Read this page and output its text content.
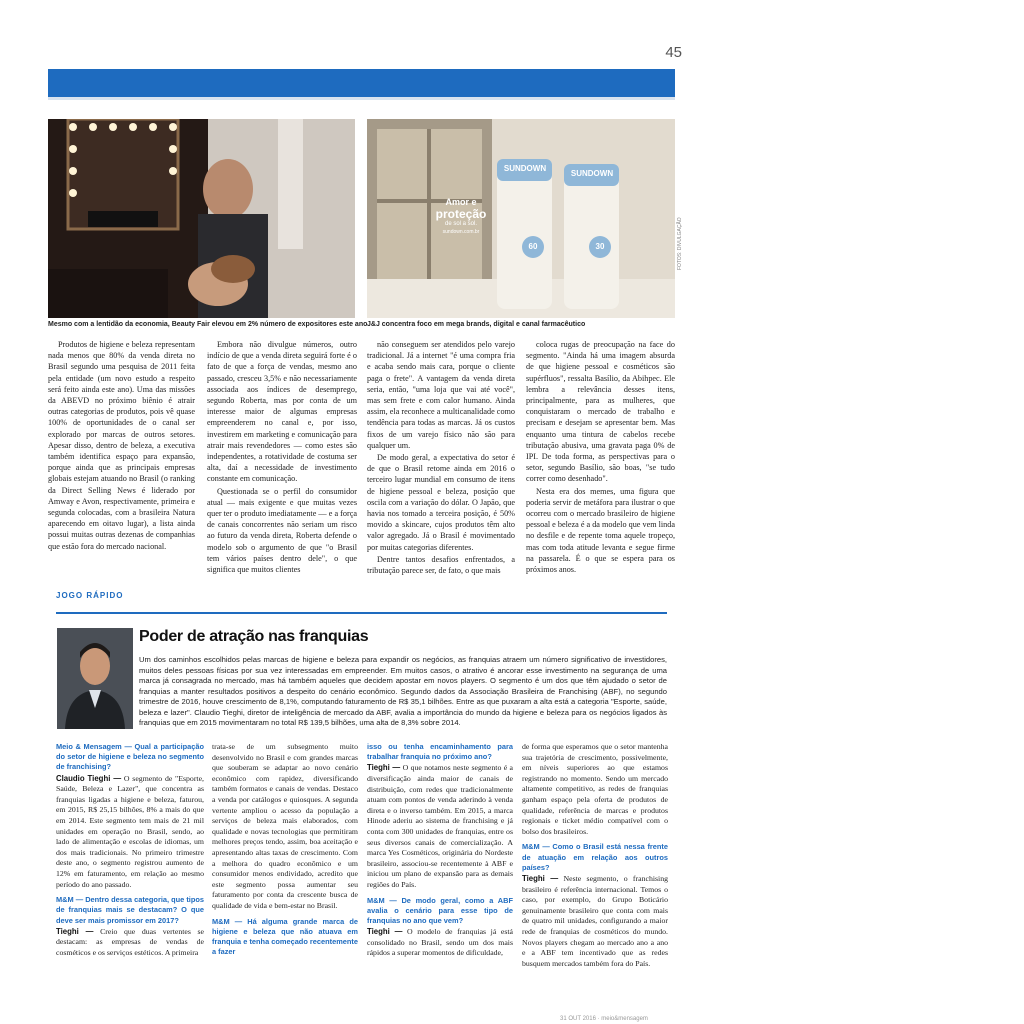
45
Amor e
proteção
de sol a sol.
sundown.com.br
SUNDOWN
SUNDOWN
60	30
Mesmo com a lentidão da economia, Beauty Fair elevou em 2% número de expositores este ano J&J concentra foco em mega brands, digital e canal farmacêutico
FOTOS: DIVULGAÇÃO

Produtos de higiene e beleza representam nada menos que 80% da venda direta no Brasil segundo uma pesquisa de 2011 feita pela entidade (um novo estudo a respeito será feito ainda este ano). Uma das missões da ABEVD no próximo biênio é atrair outras categorias de produtos, pois vê quase 100% de oportunidades de o canal ser explorado por marcas de outros setores. Apesar disso, dentro de beleza, a executiva também identifica espaço para expansão, porque ainda que as principais empresas globais estejam atuando no Brasil (o ranking da Direct Selling News é liderado por Amway e Avon, respectivamente, primeira e segunda colocadas, com a brasileira Natura aparecendo em oitavo lugar), a lista ainda possui muitas outras dezenas de companhias que estão fora do mercado nacional.

Embora não divulgue números, outro indício de que a venda direta seguirá forte é o fato de que a força de vendas, mesmo ano passado, cresceu 3,5% e não necessariamente associada aos índices de desemprego, segundo Roberta, mas por conta de um interesse maior de algumas empresas empreenderem no canal e, por isso, investirem em marketing e comunicação para atrair mais revendedores — como estes são independentes, a rotatividade de costuma ser alta, daí a necessidade de investimento constante em comunicação.

Questionada se o perfil do consumidor atual — mais exigente e que muitas vezes quer ter o produto imediatamente — e a força de canais concorrentes não seriam um risco ao futuro da venda direta, Roberta defende o modelo sob o argumento de que "o Brasil tem vários países dentro dele", o que significa que muitos clientes

não conseguem ser atendidos pelo varejo tradicional. Já a internet "é uma compra fria e acaba sendo mais cara, porque o cliente paga o frete". A vantagem da venda direta seria, então, "uma loja que vai até você", mas sem frete e com calor humano. Ainda assim, ela reconhece a multicanalidade como tendência para todas as marcas. Já os custos fixos de um varejo físico não são para qualquer um.

De modo geral, a expectativa do setor é de que o Brasil retome ainda em 2016 o terceiro lugar mundial em consumo de itens de higiene pessoal e beleza, posição que oscila com a variação do dólar. O Japão, que havia nos tomado a terceira posição, é 50% movido a skincare, cujos produtos têm alto valor agregado. Já o Brasil é movimentado por muitas categorias diferentes.

Dentre tantos desafios enfrentados, a tributação parece ser, de fato, o que mais

coloca rugas de preocupação na face do segmento. "Ainda há uma imagem absurda de que higiene pessoal e cosméticos são supérfluos", ressalta Basílio, da Abihpec. Ele lembra a relevância desses itens, principalmente, para as mulheres, que conquistaram o mercado de trabalho e precisam e desejam se apresentar bem. Mas enquanto uma tintura de cabelos recebe tributação abusiva, uma gravata paga 0% de IPI. De toda forma, as perspectivas para o setor, segundo Basílio, são boas, "se tudo correr como desenhado".

Nesta era dos memes, uma figura que poderia servir de metáfora para ilustrar o que ocorreu com o mercado brasileiro de higiene pessoal e beleza é a da modelo que vem linda no desfile e de repente toma aquele tropeço, mas com toda atitude levanta e segue firme na passarela. É o que se espera para os próximos anos.

JOGO RÁPIDO
Poder de atração nas franquias
Um dos caminhos escolhidos pelas marcas de higiene e beleza para expandir os negócios, as franquias atraem um número significativo de investidores, muitos deles pessoas físicas por sua vez interessadas em empreender. Em muitos casos, o atrativo é ancorar esse investimento na segurança de uma marca já consagrada no mercado, mas há também aqueles que decidem apostar em novos players. O segmento é um dos que têm ajudado o setor de franquias a manter resultados positivos a despeito do cenário econômico. Segundo dados da Associação Brasileira de Franchising (ABF), no segundo trimestre de 2016, houve crescimento de 8,1%, computando faturamento de R$ 35,1 bilhões. Entre as que puxaram a alta está a categoria "Esporte, saúde, beleza e lazer". Claudio Tieghi, diretor de inteligência de mercado da ABF, avalia a importância do mundo da higiene e beleza para os negócios ligados às franquias que em 2015 movimentaram no total R$ 139,5 bilhões, uma alta de 8,3% sobre 2014.
Meio & Mensagem — Qual a participação do setor de higiene e beleza no segmento de franchising?
Claudio Tieghi — O segmento de "Esporte, Saúde, Beleza e Lazer", que concentra as franquias ligadas a higiene e beleza, faturou, em 2015, R$ 25,15 bilhões, 8% a mais do que em 2014. Este segmento tem mais de 21 mil unidades em operação no Brasil, sendo, ao lado de alimentação e escolas de idiomas, um dos mais tradicionais. No primeiro trimestre deste ano, o segmento registrou aumento de 12% em faturamento, em relação ao mesmo período do ano passado.
M&M — Dentro dessa categoria, que tipos de franquias mais se destacam? O que deve ser mais promissor em 2017?
Tieghi — Creio que duas vertentes se destacam: as empresas de vendas de cosméticos e os serviços estéticos. A primeira
trata-se de um subsegmento muito desenvolvido no Brasil e com grandes marcas que souberam se adaptar ao novo cenário econômico com rapidez, diversificando também formatos e canais de vendas. Destaco a venda por catálogos e quiosques. A segunda vertente ampliou o acesso da população a serviços de beleza mais elaborados, com qualidade e novas tecnologias que permitiram melhores preços tendo, assim, boa aceitação e apresentando altas taxas de crescimento. Com a melhora do quadro econômico e um consumidor menos endividado, acredito que este segmento possa aumentar seu faturamento por conta da crescente busca de qualidade de vida e bem-estar no Brasil.
M&M — Há alguma grande marca de higiene e beleza que não atuava em franquia e tenha começado recentemente a fazer
isso ou tenha encaminhamento para trabalhar franquia no próximo ano?
Tieghi — O que notamos neste segmento é a diversificação ainda maior de canais de distribuição, com redes que tradicionalmente atuam com pontos de venda aderindo à venda direta e o inverso também. Em 2015, a marca Hinode aderiu ao sistema de franchising e já conta com 300 unidades de franquias, entre os seus diversos canais de comercialização. A marca Yes Cosméticos, originária do Nordeste brasileiro, associou-se recentemente à ABF e iniciou um plano de expansão para as demais regiões do País.
M&M — De modo geral, como a ABF avalia o cenário para esse tipo de franquias no ano que vem?
Tieghi — O modelo de franquias já está consolidado no Brasil, sendo um dos mais rápidos a superar momentos de dificuldade,
de forma que esperamos que o setor mantenha sua trajetória de crescimento, possivelmente, em níveis superiores ao que estamos registrando no momento. Sendo um mercado altamente competitivo, as redes de franquias ganham espaço pela oferta de produtos de qualidade, referência de marcas e produtos regionais e ticket médio compatível com o bolso dos brasileiros.
M&M — Como o Brasil está nessa frente de atuação em relação aos outros países?
Tieghi — Neste segmento, o franchising brasileiro é referência internacional. Temos o caso, por exemplo, do Grupo Boticário genuinamente brasileiro que conta com mais de quatro mil unidades, configurando a maior rede de franquias de cosméticos do mundo. Novos players chegam ao mercado ano a ano e a ABF tem incentivado que as redes busquem mercados também fora do País.
31 OUT 2016 · meio&mensagem
